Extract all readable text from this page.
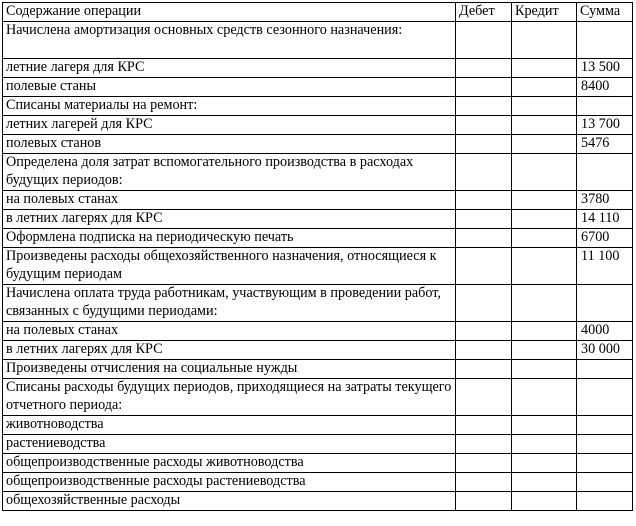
Содержание операции	Дебет	Кредит	Сумма
Начислена амортизация основных средств сезонного назначения:			
летние лагеря для КРС			13 500
полевые станы			8400
Списаны материалы на ремонт:			
летних лагерей для КРС			13 700
полевых станов			5476
Определена доля затрат вспомогательного производства в расходах будущих периодов:			
на полевых станах			3780
в летних лагерях для КРС			14 110
Оформлена подписка на периодическую печать			6700
Произведены расходы общехозяйственного назначения, относящиеся к будущим периодам			11 100
Начислена оплата труда работникам, участвующим в проведении работ, связанных с будущими периодами:			
на полевых станах			4000
в летних лагерях для КРС			30 000
Произведены отчисления на социальные нужды			
Списаны расходы будущих периодов, приходящиеся на затраты текущего отчетного периода:			
животноводства			
растениеводства			
общепроизводственные расходы животноводства			
общепроизводственные расходы растениеводства			
общехозяйственные расходы			
